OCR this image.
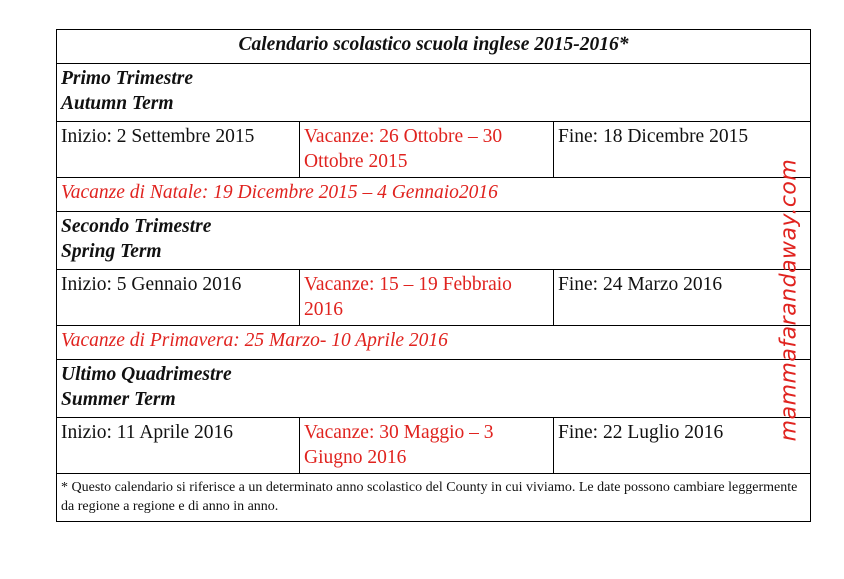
Calendario scolastico scuola inglese 2015-2016*		

Primo Trimestre
Autumn Term		

Inizio: 2 Settembre 2015	Vacanze: 26 Ottobre – 30 Ottobre 2015	Fine: 18 Dicembre 2015
Vacanze di Natale: 19 Dicembre 2015 – 4 Gennaio2016		

Secondo Trimestre
Spring Term		

Inizio: 5 Gennaio 2016	Vacanze: 15 – 19 Febbraio 2016	Fine: 24 Marzo 2016
Vacanze di Primavera: 25 Marzo- 10 Aprile 2016		

Ultimo Quadrimestre
Summer Term		

Inizio: 11 Aprile 2016	Vacanze: 30 Maggio – 3 Giugno 2016	Fine: 22 Luglio 2016
* Questo calendario si riferisce a un determinato anno scolastico del County in cui viviamo. Le date possono cambiare leggermente da regione a regione e di anno in anno.		
mammafarandaway.com
